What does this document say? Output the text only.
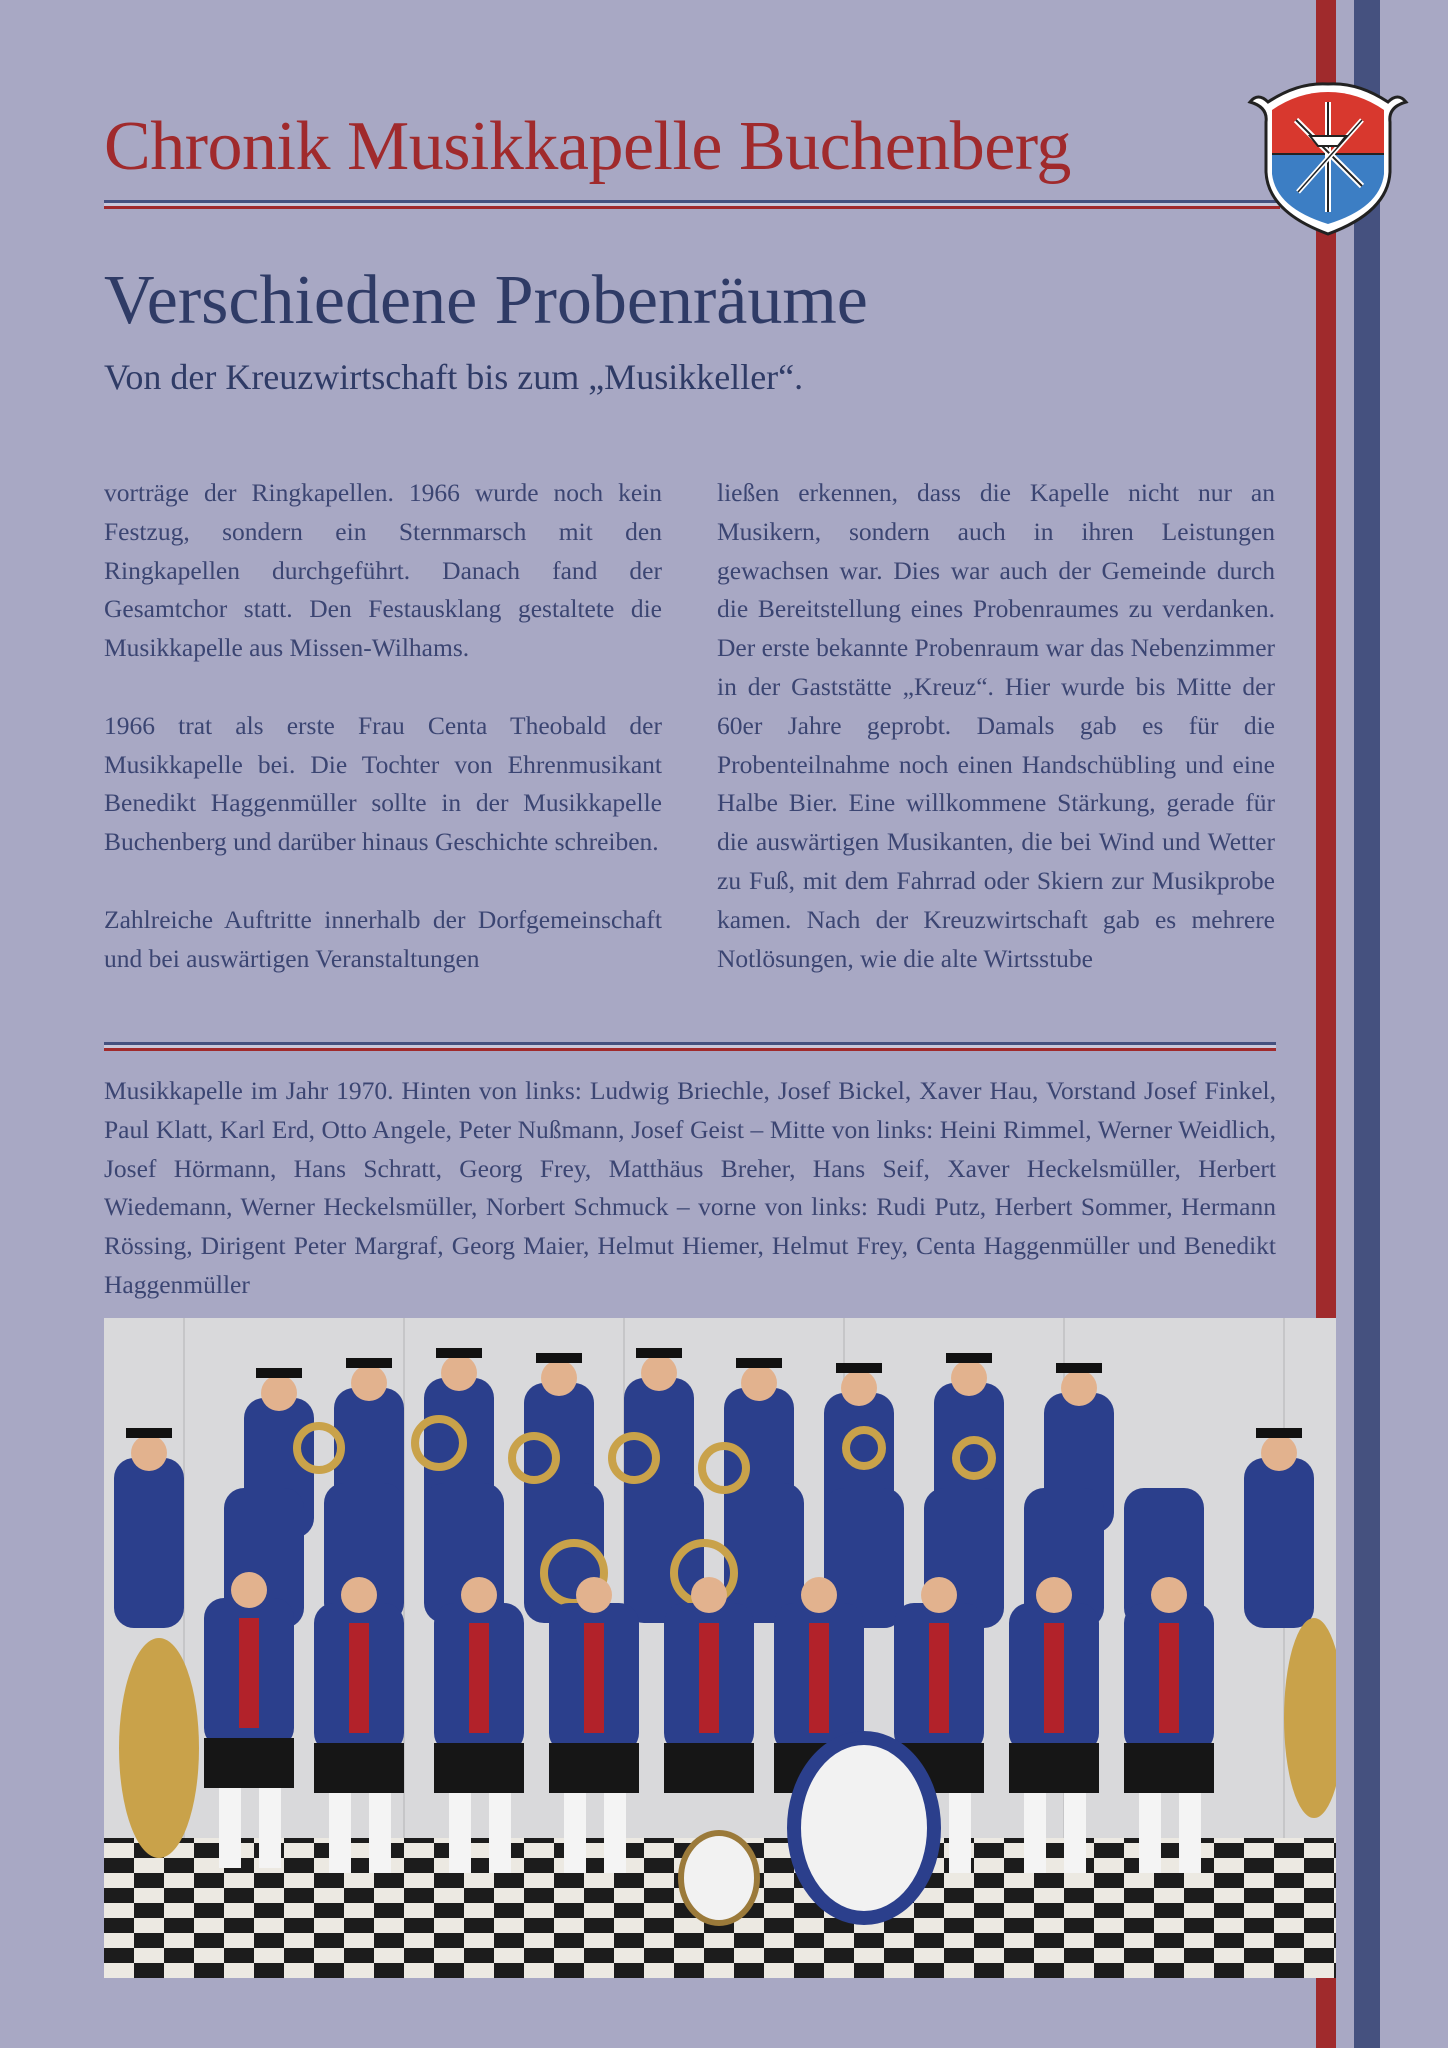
Chronik Musikkapelle Buchenberg
Verschiedene Probenräume

Von der Kreuzwirtschaft bis zum „Musikkeller“.

vorträge der Ringkapellen. 1966 wurde noch kein Festzug, sondern ein Sternmarsch mit den Ringkapellen durchgeführt. Danach fand der Gesamtchor statt. Den Festausklang gestaltete die Musikkapelle aus Missen-Wilhams.

1966 trat als erste Frau Centa Theobald der Musikkapelle bei. Die Tochter von Ehrenmusikant Benedikt Haggenmüller sollte in der Musikkapelle Buchenberg und darüber hinaus Geschichte schreiben.

Zahlreiche Auftritte innerhalb der Dorfgemeinschaft und bei auswärtigen Veranstaltungen

ließen erkennen, dass die Kapelle nicht nur an Musikern, sondern auch in ihren Leistungen gewachsen war. Dies war auch der Gemeinde durch die Bereitstellung eines Probenraumes zu verdanken. Der erste bekannte Probenraum war das Nebenzimmer in der Gaststätte „Kreuz“. Hier wurde bis Mitte der 60er Jahre geprobt. Damals gab es für die Probenteilnahme noch einen Handschübling und eine Halbe Bier. Eine willkommene Stärkung, gerade für die auswärtigen Musikanten, die bei Wind und Wetter zu Fuß, mit dem Fahrrad oder Skiern zur Musikprobe kamen. Nach der Kreuzwirtschaft gab es mehrere Notlösungen, wie die alte Wirtsstube

Musikkapelle im Jahr 1970. Hinten von links: Ludwig Briechle, Josef Bickel, Xaver Hau, Vorstand Josef Finkel, Paul Klatt, Karl Erd, Otto Angele, Peter Nußmann, Josef Geist – Mitte von links: Heini Rimmel, Werner Weidlich, Josef Hörmann, Hans Schratt, Georg Frey, Matthäus Breher, Hans Seif, Xaver Heckelsmüller, Herbert Wiedemann, Werner Heckelsmüller, Norbert Schmuck – vorne von links: Rudi Putz, Herbert Sommer, Hermann Rössing, Dirigent Peter Margraf, Georg Maier, Helmut Hiemer, Helmut Frey, Centa Haggenmüller und Benedikt Haggenmüller
